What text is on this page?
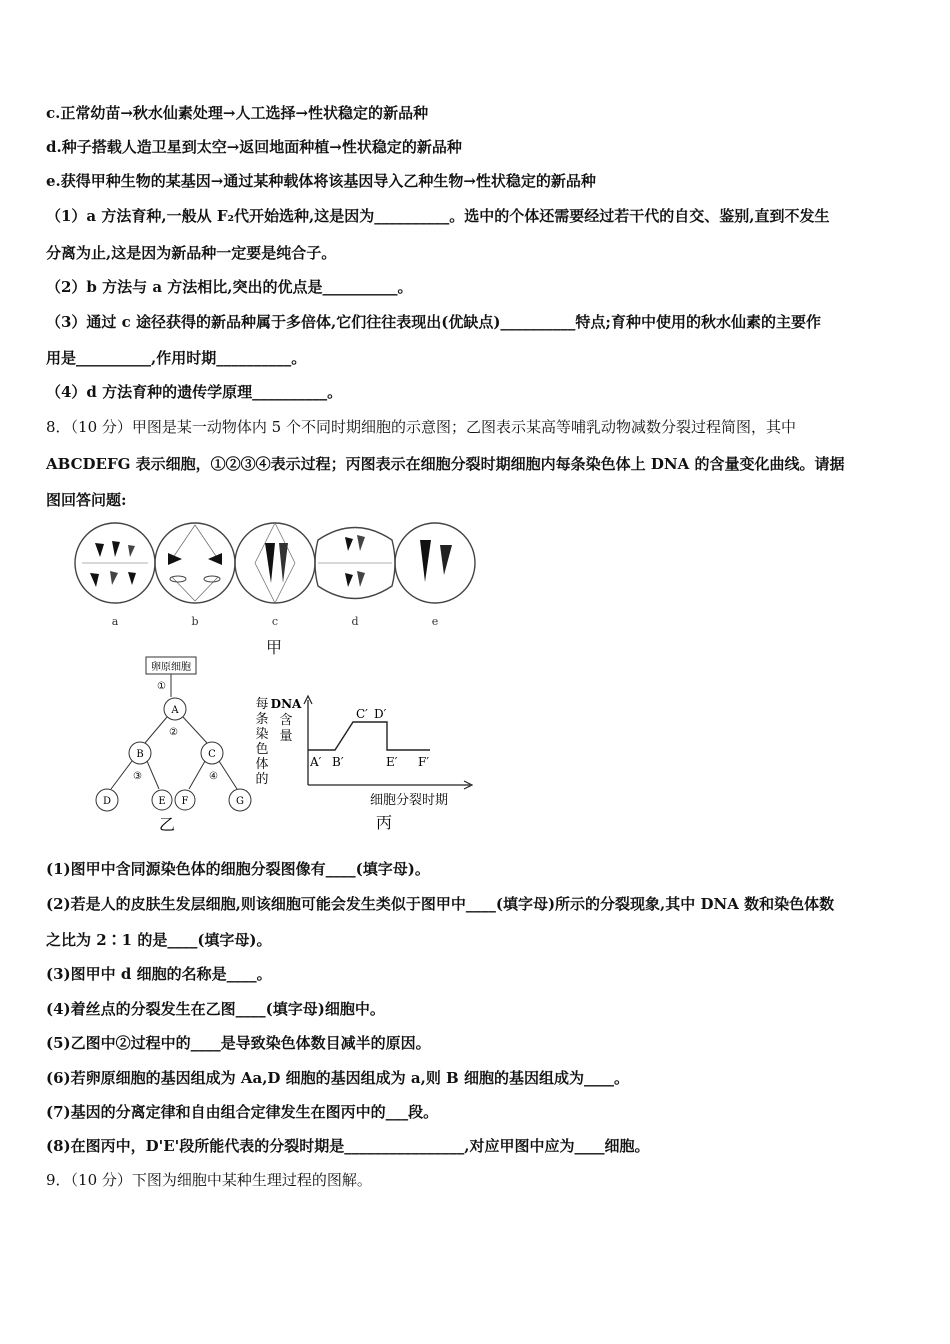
c.正常幼苗→秋水仙素处理→人工选择→性状稳定的新品种
d.种子搭载人造卫星到太空→返回地面种植→性状稳定的新品种
e.获得甲种生物的某基因→通过某种载体将该基因导入乙种生物→性状稳定的新品种
（1）a 方法育种,一般从 F₂代开始选种,这是因为__________。选中的个体还需要经过若干代的自交、鉴别,直到不发生
分离为止,这是因为新品种一定要是纯合子。
（2）b 方法与 a 方法相比,突出的优点是__________。
（3）通过 c 途径获得的新品种属于多倍体,它们往往表现出(优缺点)__________特点;育种中使用的秋水仙素的主要作
用是__________,作用时期__________。
（4）d 方法育种的遗传学原理__________。
8．（10 分）甲图是某一动物体内 5 个不同时期细胞的示意图；乙图表示某高等哺乳动物减数分裂过程简图，其中
ABCDEFG 表示细胞，①②③④表示过程；丙图表示在细胞分裂时期细胞内每条染色体上 DNA 的含量变化曲线。请据
图回答问题:
a	b	c	d	e
甲
卵原细胞
①
A
②
B	C
③	④
D	E F	G
乙
每
条
染
色
体
的
DNA
含
量
A′ B′
C′ D′
E′ F′
细胞分裂时期
丙
(1)图甲中含同源染色体的细胞分裂图像有____(填字母)。
(2)若是人的皮肤生发层细胞,则该细胞可能会发生类似于图甲中____(填字母)所示的分裂现象,其中 DNA 数和染色体数
之比为 2∶1 的是____(填字母)。
(3)图甲中 d 细胞的名称是____。
(4)着丝点的分裂发生在乙图____(填字母)细胞中。
(5)乙图中②过程中的____是导致染色体数目减半的原因。
(6)若卵原细胞的基因组成为 Aa,D 细胞的基因组成为 a,则 B 细胞的基因组成为____。
(7)基因的分离定律和自由组合定律发生在图丙中的___段。
(8)在图丙中，D'E'段所能代表的分裂时期是________________,对应甲图中应为____细胞。
9．（10 分）下图为细胞中某种生理过程的图解。
